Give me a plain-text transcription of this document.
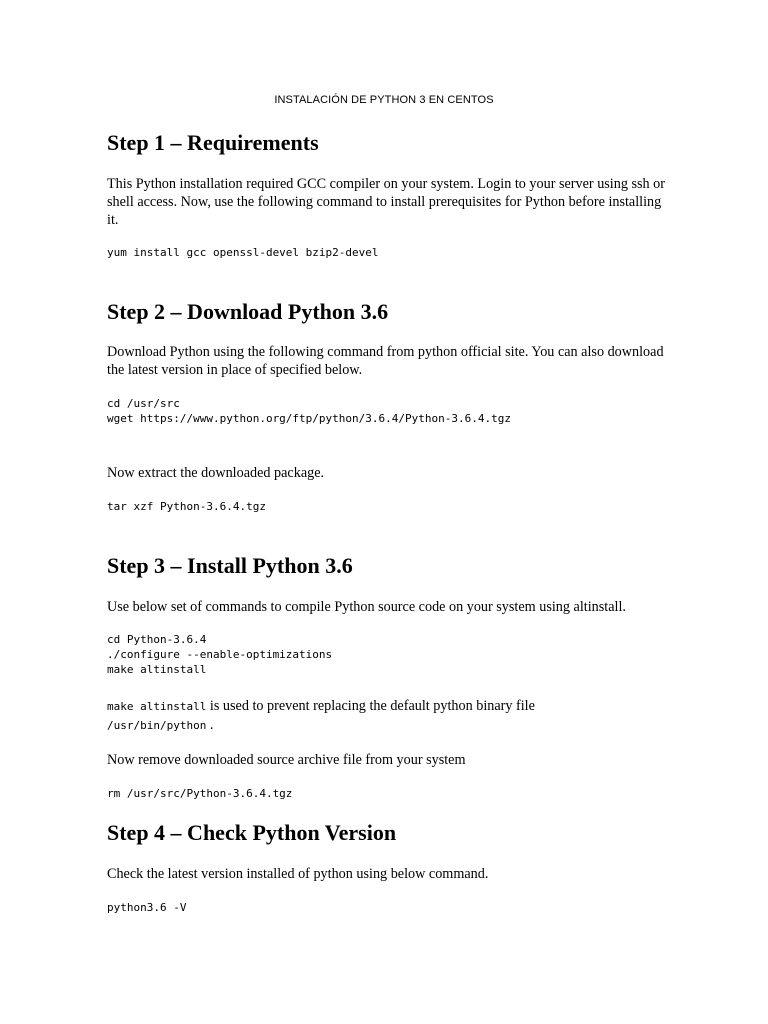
INSTALACIÓN DE PYTHON 3 EN CENTOS
Step 1 – Requirements

This Python installation required GCC compiler on your system. Login to your server using ssh or shell access. Now, use the following command to install prerequisites for Python before installing it.

yum install gcc openssl-devel bzip2-devel
Step 2 – Download Python 3.6

Download Python using the following command from python official site. You can also download the latest version in place of specified below.

cd /usr/src
wget https://www.python.org/ftp/python/3.6.4/Python-3.6.4.tgz

Now extract the downloaded package.

tar xzf Python-3.6.4.tgz
Step 3 – Install Python 3.6

Use below set of commands to compile Python source code on your system using altinstall.

cd Python-3.6.4
./configure --enable-optimizations
make altinstall

make altinstall is used to prevent replacing the default python binary file
/usr/bin/python .

Now remove downloaded source archive file from your system

rm /usr/src/Python-3.6.4.tgz
Step 4 – Check Python Version

Check the latest version installed of python using below command.

python3.6 -V
